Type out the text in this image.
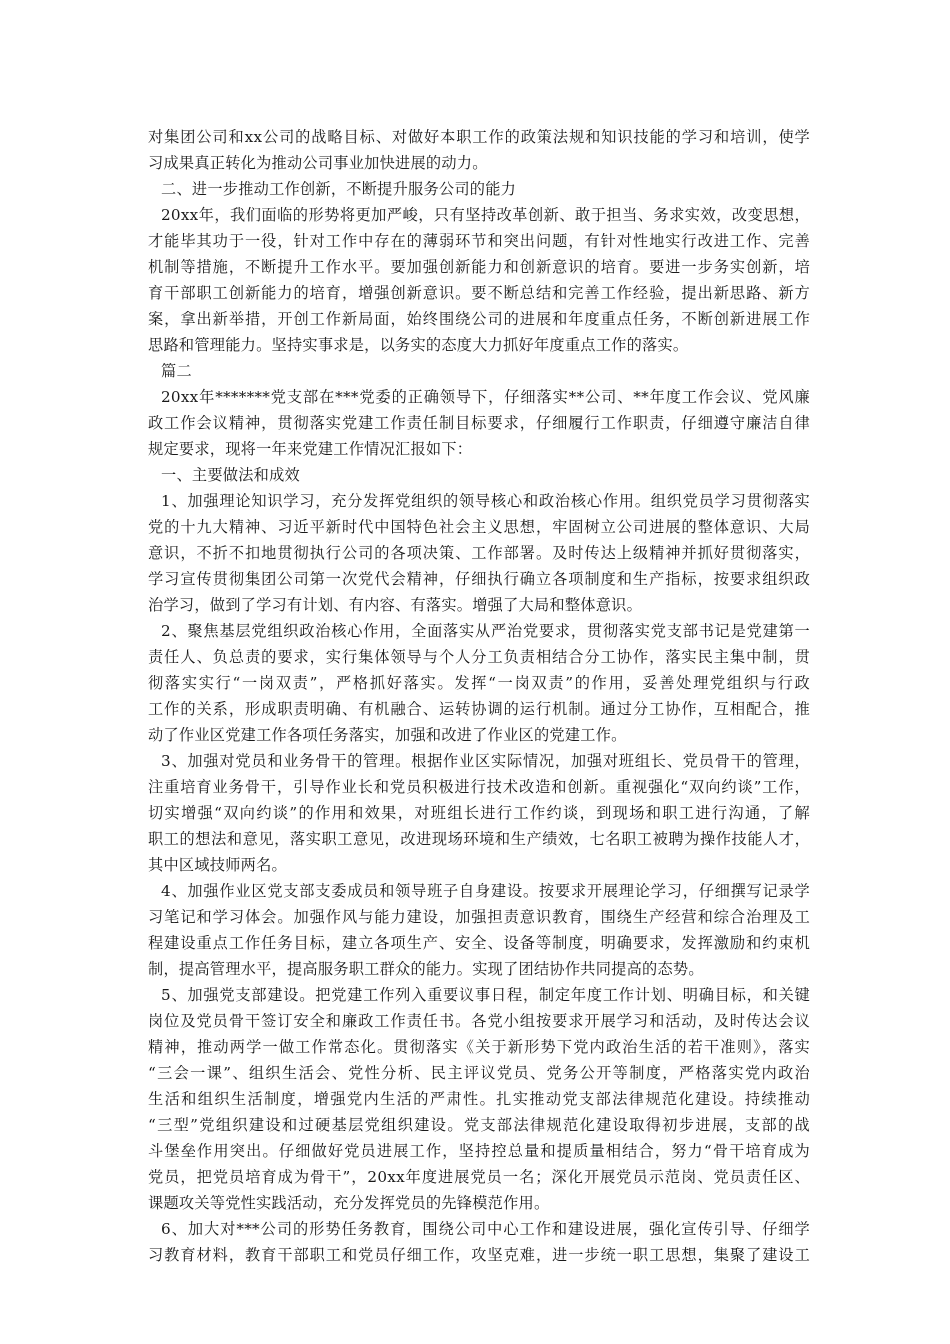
对集团公司和xx公司的战略目标、对做好本职工作的政策法规和知识技能的学习和培训，使学
习成果真正转化为推动公司事业加快进展的动力。
二、进一步推动工作创新，不断提升服务公司的能力
20xx年，我们面临的形势将更加严峻，只有坚持改革创新、敢于担当、务求实效，改变思想，
才能毕其功于一役，针对工作中存在的薄弱环节和突出问题，有针对性地实行改进工作、完善
机制等措施，不断提升工作水平。要加强创新能力和创新意识的培育。要进一步务实创新，培
育干部职工创新能力的培育，增强创新意识。要不断总结和完善工作经验，提出新思路、新方
案，拿出新举措，开创工作新局面，始终围绕公司的进展和年度重点任务，不断创新进展工作
思路和管理能力。坚持实事求是，以务实的态度大力抓好年度重点工作的落实。
篇二
20xx年*******党支部在***党委的正确领导下，仔细落实**公司、**年度工作会议、党风廉
政工作会议精神，贯彻落实党建工作责任制目标要求，仔细履行工作职责，仔细遵守廉洁自律
规定要求，现将一年来党建工作情况汇报如下：
一、主要做法和成效
1、加强理论知识学习，充分发挥党组织的领导核心和政治核心作用。组织党员学习贯彻落实
党的十九大精神、习近平新时代中国特色社会主义思想，牢固树立公司进展的整体意识、大局
意识，不折不扣地贯彻执行公司的各项决策、工作部署。及时传达上级精神并抓好贯彻落实，
学习宣传贯彻集团公司第一次党代会精神，仔细执行确立各项制度和生产指标，按要求组织政
治学习，做到了学习有计划、有内容、有落实。增强了大局和整体意识。
2、聚焦基层党组织政治核心作用，全面落实从严治党要求，贯彻落实党支部书记是党建第一
责任人、负总责的要求，实行集体领导与个人分工负责相结合分工协作，落实民主集中制，贯
彻落实实行“一岗双责”，严格抓好落实。发挥“一岗双责”的作用，妥善处理党组织与行政
工作的关系，形成职责明确、有机融合、运转协调的运行机制。通过分工协作，互相配合，推
动了作业区党建工作各项任务落实，加强和改进了作业区的党建工作。
3、加强对党员和业务骨干的管理。根据作业区实际情况，加强对班组长、党员骨干的管理，
注重培育业务骨干，引导作业长和党员积极进行技术改造和创新。重视强化“双向约谈”工作，
切实增强“双向约谈”的作用和效果，对班组长进行工作约谈，到现场和职工进行沟通，了解
职工的想法和意见，落实职工意见，改进现场环境和生产绩效，七名职工被聘为操作技能人才，
其中区域技师两名。
4、加强作业区党支部支委成员和领导班子自身建设。按要求开展理论学习，仔细撰写记录学
习笔记和学习体会。加强作风与能力建设，加强担责意识教育，围绕生产经营和综合治理及工
程建设重点工作任务目标，建立各项生产、安全、设备等制度，明确要求，发挥激励和约束机
制，提高管理水平，提高服务职工群众的能力。实现了团结协作共同提高的态势。
5、加强党支部建设。把党建工作列入重要议事日程，制定年度工作计划、明确目标，和关键
岗位及党员骨干签订安全和廉政工作责任书。各党小组按要求开展学习和活动，及时传达会议
精神，推动两学一做工作常态化。贯彻落实《关于新形势下党内政治生活的若干准则》，落实
“三会一课”、组织生活会、党性分析、民主评议党员、党务公开等制度，严格落实党内政治
生活和组织生活制度，增强党内生活的严肃性。扎实推动党支部法律规范化建设。持续推动
“三型”党组织建设和过硬基层党组织建设。党支部法律规范化建设取得初步进展，支部的战
斗堡垒作用突出。仔细做好党员进展工作，坚持控总量和提质量相结合，努力“骨干培育成为
党员，把党员培育成为骨干”，20xx年度进展党员一名；深化开展党员示范岗、党员责任区、
课题攻关等党性实践活动，充分发挥党员的先锋模范作用。
6、加大对***公司的形势任务教育，围绕公司中心工作和建设进展，强化宣传引导、仔细学
习教育材料，教育干部职工和党员仔细工作，攻坚克难，进一步统一职工思想，集聚了建设工
